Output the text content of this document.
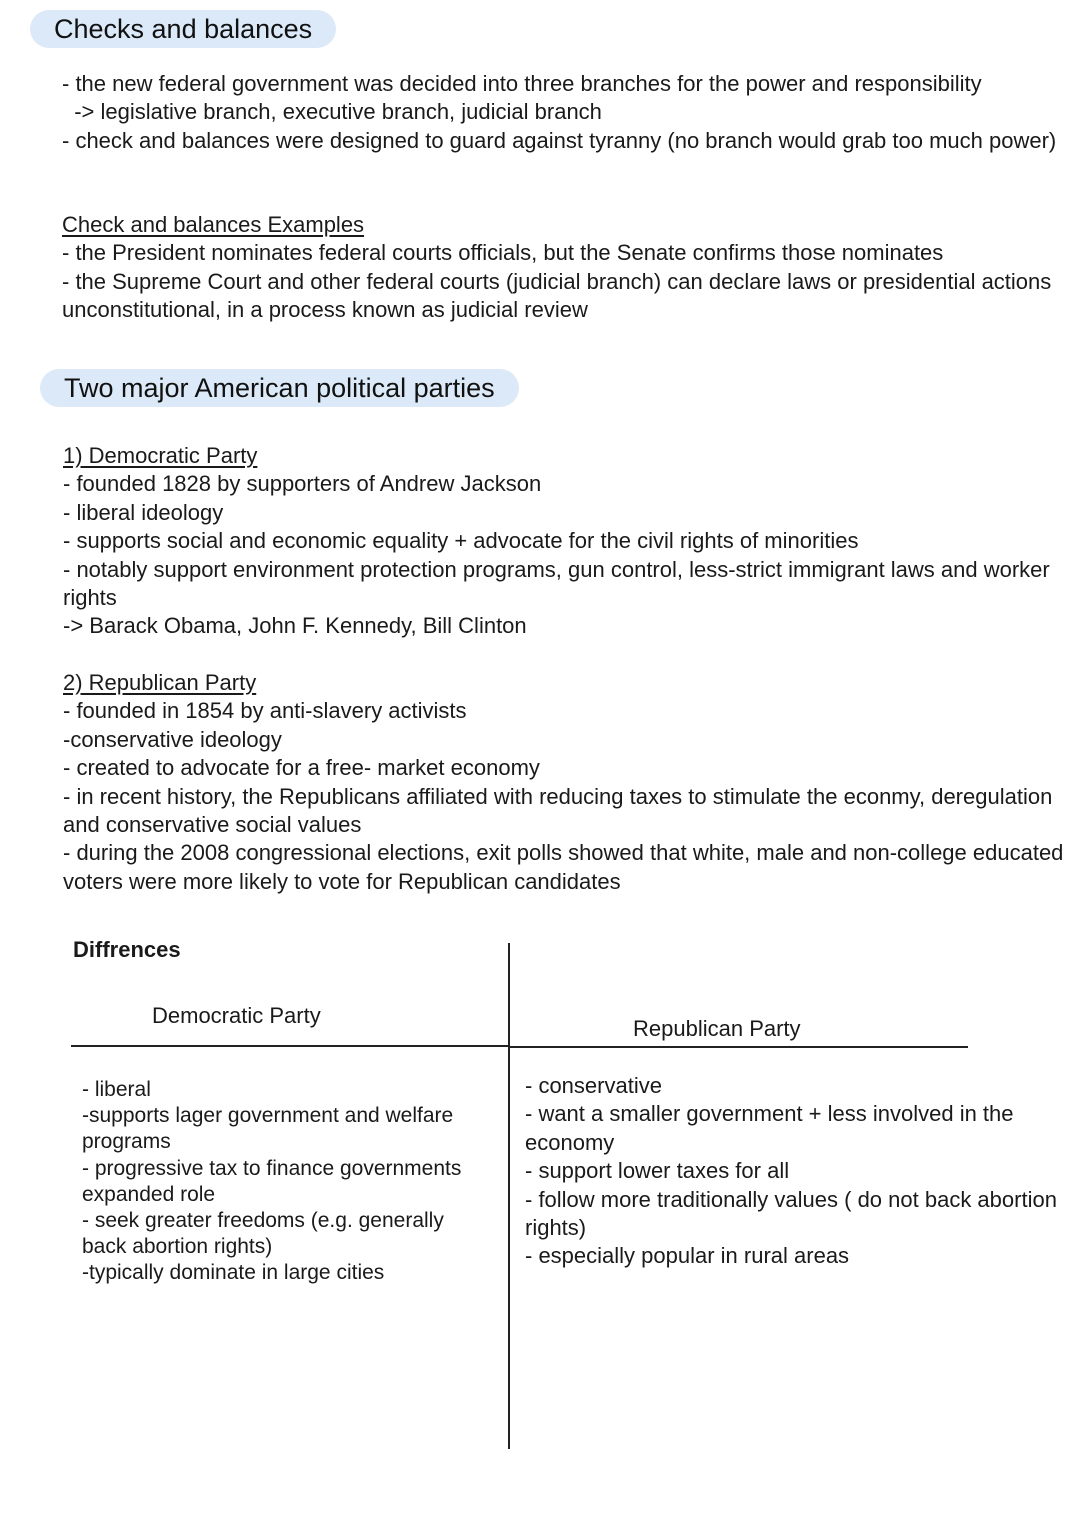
Checks and balances

- the new federal government was decided into three branches for the power and responsibility

-> legislative branch, executive branch, judicial branch

- check and balances were designed to guard against tyranny (no branch would grab too much power)

Check and balances Examples

- the President nominates federal courts officials, but the Senate confirms those nominates

- the Supreme Court and other federal courts (judicial branch) can declare laws or presidential actions unconstitutional, in a process known as judicial review

Two major American political parties

1) Democratic Party

- founded 1828 by supporters of Andrew Jackson

- liberal ideology

- supports social and economic equality + advocate for the civil rights of minorities

- notably support environment protection programs, gun control, less-strict immigrant laws and worker rights

-> Barack Obama, John F. Kennedy, Bill Clinton

2) Republican Party

- founded in 1854 by anti-slavery activists

-conservative ideology

- created to advocate for a free- market economy

- in recent history, the Republicans affiliated with reducing taxes to stimulate the econmy, deregulation and conservative social values

- during the 2008 congressional elections, exit polls showed that white, male and non-college educated voters were more likely to vote for Republican candidates

Diffrences
Democratic Party
Republican Party

- liberal

-supports lager government and welfare programs

- progressive tax to finance governments expanded role

- seek greater freedoms (e.g. generally back abortion rights)

-typically dominate in large cities

- conservative

- want a smaller government + less involved in the economy

- support lower taxes for all

- follow more traditionally values ( do not back abortion rights)

- especially popular in rural areas
